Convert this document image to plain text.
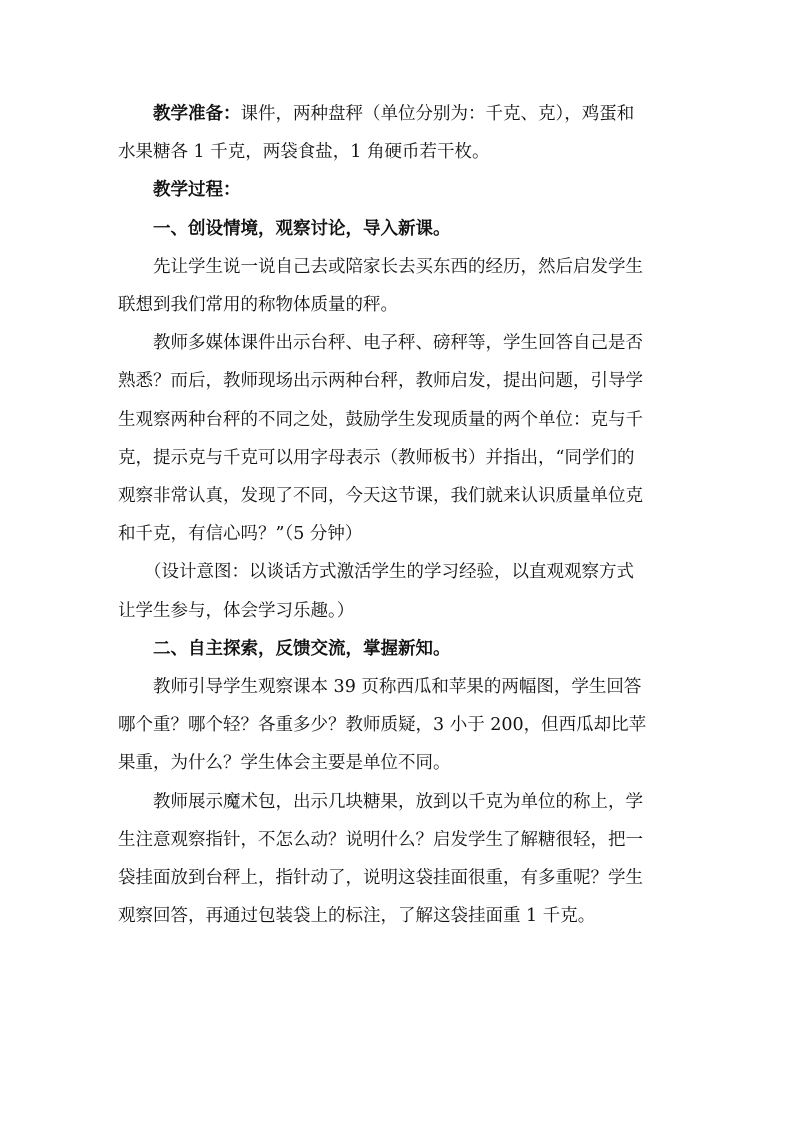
教学准备：课件，两种盘秤（单位分别为：千克、克），鸡蛋和
水果糖各 1 千克，两袋食盐，1 角硬币若干枚。
教学过程：
一、创设情境，观察讨论，导入新课。
先让学生说一说自己去或陪家长去买东西的经历，然后启发学生
联想到我们常用的称物体质量的秤。
教师多媒体课件出示台秤、电子秤、磅秤等，学生回答自己是否
熟悉？而后，教师现场出示两种台秤，教师启发，提出问题，引导学
生观察两种台秤的不同之处，鼓励学生发现质量的两个单位：克与千
克，提示克与千克可以用字母表示（教师板书）并指出，“同学们的
观察非常认真，发现了不同，今天这节课，我们就来认识质量单位克
和千克，有信心吗？”（5 分钟）
（设计意图：以谈话方式激活学生的学习经验，以直观观察方式
让学生参与，体会学习乐趣。）
二、自主探索，反馈交流，掌握新知。
教师引导学生观察课本 39 页称西瓜和苹果的两幅图，学生回答
哪个重？哪个轻？各重多少？教师质疑，3 小于 200，但西瓜却比苹
果重，为什么？学生体会主要是单位不同。
教师展示魔术包，出示几块糖果，放到以千克为单位的称上，学
生注意观察指针，不怎么动？说明什么？启发学生了解糖很轻，把一
袋挂面放到台秤上，指针动了，说明这袋挂面很重，有多重呢？学生
观察回答，再通过包装袋上的标注，了解这袋挂面重 1 千克。
